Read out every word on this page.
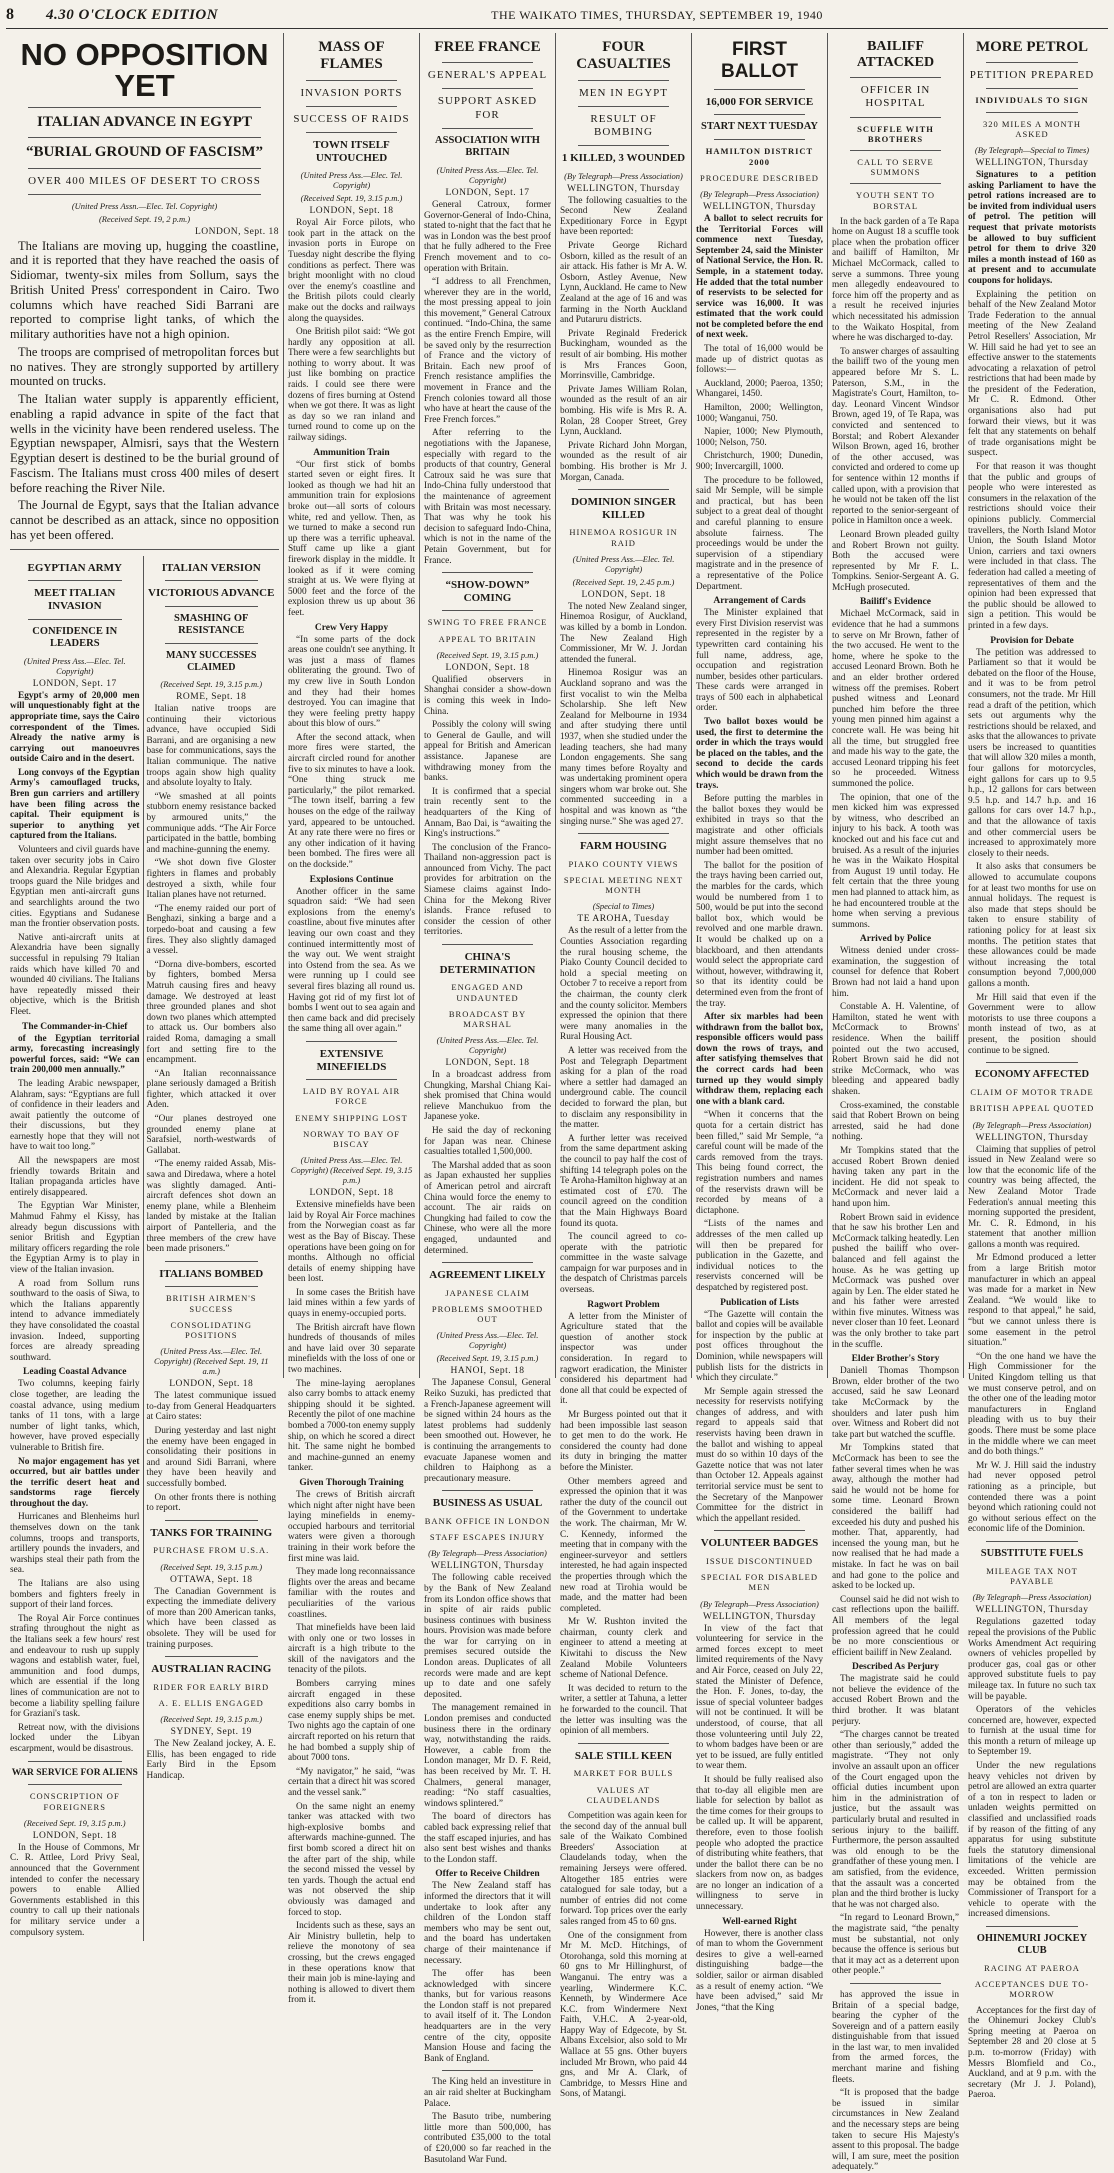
8	4.30 O'CLOCK EDITION	THE WAIKATO TIMES, THURSDAY, SEPTEMBER 19, 1940
NO OPPOSITION YET
ITALIAN ADVANCE IN EGYPT
“BURIAL GROUND OF FASCISM”
OVER 400 MILES OF DESERT TO CROSS
(United Press Assn.—Elec. Tel. Copyright)
(Received Sept. 19, 2 p.m.)
LONDON, Sept. 18

The Italians are moving up, hugging the coastline, and it is reported that they have reached the oasis of Sidiomar, twenty-six miles from Sollum, says the British United Press' correspondent in Cairo. Two columns which have reached Sidi Barrani are reported to comprise light tanks, of which the military authorities have not a high opinion.

The troops are comprised of metropolitan forces but no natives. They are strongly supported by artillery mounted on trucks.

The Italian water supply is apparently efficient, enabling a rapid advance in spite of the fact that wells in the vicinity have been rendered useless. The Egyptian newspaper, Almisri, says that the Western Egyptian desert is destined to be the burial ground of Fascism. The Italians must cross 400 miles of desert before reaching the River Nile.

The Journal de Egypt, says that the Italian advance cannot be described as an attack, since no opposition has yet been offered.

EGYPTIAN ARMY
MEET ITALIAN INVASION
CONFIDENCE IN LEADERS
(United Press Ass.—Elec. Tel. Copyright)
LONDON, Sept. 17

Egypt's army of 20,000 men will unquestionably fight at the appropriate time, says the Cairo correspondent of the Times. Already the native army is carrying out manoeuvres outside Cairo and in the desert.

Long convoys of the Egyptian Army's camouflaged trucks, Bren gun carriers and artillery have been filing across the capital. Their equipment is superior to anything yet captured from the Italians.

Volunteers and civil guards have taken over security jobs in Cairo and Alexandria. Regular Egyptian troops guard the Nile bridges and Egyptian men anti-aircraft guns and searchlights around the two cities. Egyptians and Sudanese man the frontier observation posts.

Native anti-aircraft units at Alexandria have been signally successful in repulsing 79 Italian raids which have killed 70 and wounded 40 civilians. The Italians have repeatedly missed their objective, which is the British Fleet.

The Commander-in-Chief

of the Egyptian territorial army, forecasting increasingly powerful forces, said: “We can train 200,000 men annually.”

The leading Arabic newspaper, Alahram, says: “Egyptians are full of confidence in their leaders and await patiently the outcome of their discussions, but they earnestly hope that they will not have to wait too long.”

All the newspapers are most friendly towards Britain and Italian propaganda articles have entirely disappeared.

The Egyptian War Minister, Mahmud Fahmy el Kissy, has already begun discussions with senior British and Egyptian military officers regarding the role the Egyptian Army is to play in view of the Italian invasion.

A road from Sollum runs southward to the oasis of Siwa, to which the Italians apparently intend to advance immediately they have consolidated the coastal invasion. Indeed, supporting forces are already spreading southward.

Leading Coastal Advance

Two columns, keeping fairly close together, are leading the coastal advance, using medium tanks of 11 tons, with a large number of light tanks, which, however, have proved especially vulnerable to British fire.

No major engagement has yet occurred, but air battles under the terrific desert heat and sandstorms rage fiercely throughout the day.

Hurricanes and Blenheims hurl themselves down on the tank columns, troops and transports, artillery pounds the invaders, and warships steal their path from the sea.

The Italians are also using bombers and fighters freely in support of their land forces.

The Royal Air Force continues strafing throughout the night as the Italians seek a few hours' rest and endeavour to rush up supply wagons and establish water, fuel, ammunition and food dumps, which are essential if the long lines of communication are not to become a liability spelling failure for Graziani's task.

Retreat now, with the divisions locked under the Libyan escarpment, would be disastrous.

WAR SERVICE FOR ALIENS
CONSCRIPTION OF FOREIGNERS
(Received Sept. 19, 3.15 p.m.)
LONDON, Sept. 18

In the House of Commons, Mr C. R. Attlee, Lord Privy Seal, announced that the Government intended to confer the necessary powers to enable Allied Governments established in this country to call up their nationals for military service under a compulsory system.

ITALIAN VERSION
VICTORIOUS ADVANCE
SMASHING OF RESISTANCE
MANY SUCCESSES CLAIMED
(Received Sept. 19, 3.15 p.m.)
ROME, Sept. 18

Italian native troops are continuing their victorious advance, have occupied Sidi Barrani, and are organising a new base for communications, says the Italian communique. The native troops again show high quality and absolute loyalty to Italy.

“We smashed at all points stubborn enemy resistance backed by armoured units,” the communique adds. “The Air Force participated in the battle, bombing and machine-gunning the enemy.

“We shot down five Gloster fighters in flames and probably destroyed a sixth, while four Italian planes have not returned.

“The enemy raided our port of Benghazi, sinking a barge and a torpedo-boat and causing a few fires. They also slightly damaged a vessel.

“Dorna dive-bombers, escorted by fighters, bombed Mersa Matruh causing fires and heavy damage. We destroyed at least three grounded planes and shot down two planes which attempted to attack us. Our bombers also raided Roma, damaging a small fort and setting fire to the encampment.

“An Italian reconnaissance plane seriously damaged a British fighter, which attacked it over Aden.

“Our planes destroyed one grounded enemy plane at Sarafsiel, north-westwards of Gallabat.

“The enemy raided Assab, Mis-sawa and Diredawa, where a hotel was slightly damaged. Anti-aircraft defences shot down an enemy plane, while a Blenheim landed by mistake at the Italian airport of Pantelleria, and the three members of the crew have been made prisoners.”

ITALIANS BOMBED
BRITISH AIRMEN'S SUCCESS
CONSOLIDATING POSITIONS
(United Press Ass.—Elec. Tel. Copyright) (Received Sept. 19, 11 a.m.)
LONDON, Sept. 18

The latest communique issued to-day from General Headquarters at Cairo states:

During yesterday and last night the enemy have been engaged in consolidating their positions in and around Sidi Barrani, where they have been heavily and successfully bombed.

On other fronts there is nothing to report.

TANKS FOR TRAINING
PURCHASE FROM U.S.A.
(Received Sept. 19, 3.15 p.m.)
OTTAWA, Sept. 18

The Canadian Government is expecting the immediate delivery of more than 200 American tanks, which have been classed as obsolete. They will be used for training purposes.

AUSTRALIAN RACING
RIDER FOR EARLY BIRD
A. E. ELLIS ENGAGED
(Received Sept. 19, 3.15 p.m.)
SYDNEY, Sept. 19

The New Zealand jockey, A. E. Ellis, has been engaged to ride Early Bird in the Epsom Handicap.

MASS OF FLAMES
INVASION PORTS
SUCCESS OF RAIDS
TOWN ITSELF UNTOUCHED
(United Press Ass.—Elec. Tel. Copyright)
(Received Sept. 19, 3.15 p.m.)
LONDON, Sept. 18

Royal Air Force pilots, who took part in the attack on the invasion ports in Europe on Tuesday night describe the flying conditions as perfect. There was bright moonlight with no cloud over the enemy's coastline and the British pilots could clearly make out the docks and railways along the quaysides.

One British pilot said: “We got hardly any opposition at all. There were a few searchlights but nothing to worry about. It was just like bombing on practice raids. I could see there were dozens of fires burning at Ostend when we got there. It was as light as day so we ran inland and turned round to come up on the railway sidings.

Ammunition Train

“Our first stick of bombs started seven or eight fires. It looked as though we had hit an ammunition train for explosions broke out—all sorts of colours white, red and yellow. Then, as we turned to make a second run up there was a terrific upheaval. Stuff came up like a giant firework display in the middle. It looked as if it were coming straight at us. We were flying at 5000 feet and the force of the explosion threw us up about 36 feet.

Crew Very Happy

“In some parts of the dock areas one couldn't see anything. It was just a mass of flames obliterating the ground. Two of my crew live in South London and they had their homes destroyed. You can imagine that they were feeling pretty happy about this blow of ours.”

After the second attack, when more fires were started, the aircraft circled round for another five to six minutes to have a look. “One thing struck me particularly,” the pilot remarked. “The town itself, barring a few houses on the edge of the railway yard, appeared to be untouched. At any rate there were no fires or any other indication of it having been bombed. The fires were all on the dockside.”

Explosions Continue

Another officer in the same squadron said: “We had seen explosions from the enemy's coastline, about five minutes after leaving our own coast and they continued intermittently most of the way out. We went straight into Ostend from the sea. As we were running up I could see several fires blazing all round us. Having got rid of my first lot of bombs I went out to sea again and then came back and did precisely the same thing all over again.”

EXTENSIVE MINEFIELDS
LAID BY ROYAL AIR FORCE
ENEMY SHIPPING LOST
NORWAY TO BAY OF BISCAY
(United Press Ass.—Elec. Tel. Copyright) (Received Sept. 19, 3.15 p.m.)
LONDON, Sept. 18

Extensive minefields have been laid by Royal Air Force machines from the Norwegian coast as far west as the Bay of Biscay. These operations have been going on for months. Although no official details of enemy shipping have been lost.

In some cases the British have laid mines within a few yards of quays in enemy-occupied ports.

The British aircraft have flown hundreds of thousands of miles and have laid over 30 separate minefields with the loss of one or two machines.

The mine-laying aeroplanes also carry bombs to attack enemy shipping should it be sighted. Recently the pilot of one machine bombed a 7000-ton enemy supply ship, on which he scored a direct hit. The same night he bombed and machine-gunned an enemy tanker.

Given Thorough Training

The crews of British aircraft which night after night have been laying minefields in enemy-occupied harbours and territorial waters were given a thorough training in their work before the first mine was laid.

They made long reconnaissance flights over the areas and became familiar with the routes and peculiarities of the various coastlines.

That minefields have been laid with only one or two losses in aircraft is a high tribute to the skill of the navigators and the tenacity of the pilots.

Bombers carrying mines aircraft engaged in these expeditions also carry bombs in case enemy supply ships be met. Two nights ago the captain of one aircraft reported on his return that he had bombed a supply ship of about 7000 tons.

“My navigator,” he said, “was certain that a direct hit was scored and the vessel sank.”

On the same night an enemy tanker was attacked with two high-explosive bombs and afterwards machine-gunned. The first bomb scored a direct hit on the after part of the ship, while the second missed the vessel by ten yards. Though the actual end was not observed the ship obviously was damaged and forced to stop.

Incidents such as these, says an Air Ministry bulletin, help to relieve the monotony of sea crossing, but the crews engaged in these operations know that their main job is mine-laying and nothing is allowed to divert them from it.

FREE FRANCE
GENERAL'S APPEAL
SUPPORT ASKED FOR
ASSOCIATION WITH BRITAIN
(United Press Ass.—Elec. Tel. Copyright)
LONDON, Sept. 17

General Catroux, former Governor-General of Indo-China, stated to-night that the fact that he was in London was the best proof that he fully adhered to the Free French movement and to co-operation with Britain.

“I address to all Frenchmen, wherever they are in the world, the most pressing appeal to join this movement,” General Catroux continued. “Indo-China, the same as the entire French Empire, will be saved only by the resurrection of France and the victory of Britain. Each new proof of French resistance amplifies the movement in France and the French colonies toward all those who have at heart the cause of the Free French forces.”

After referring to the negotiations with the Japanese, especially with regard to the products of that country, General Catroux said he was sure that Indo-China fully understood that the maintenance of agreement with Britain was most necessary. That was why he took his decision to safeguard Indo-China, which is not in the name of the Petain Government, but for France.

“SHOW-DOWN” COMING
SWING TO FREE FRANCE
APPEAL TO BRITAIN
(Received Sept. 19, 3.15 p.m.)
LONDON, Sept. 18

Qualified observers in Shanghai consider a show-down is coming this week in Indo-China.

Possibly the colony will swing to General de Gaulle, and will appeal for British and American assistance. Japanese are withdrawing money from the banks.

It is confirmed that a special train recently sent to the headquarters of the King of Annam, Bao Dai, is “awaiting the King's instructions.”

The conclusion of the Franco-Thailand non-aggression pact is announced from Vichy. The pact provides for arbitration on the Siamese claims against Indo-China for the Mekong River islands. France refused to consider the cession of other territories.

CHINA'S DETERMINATION
ENGAGED AND UNDAUNTED
BROADCAST BY MARSHAL
(United Press Ass.—Elec. Tel. Copyright)
LONDON, Sept. 18

In a broadcast address from Chungking, Marshal Chiang Kai-shek promised that China would relieve Manchukuo from the Japanese yoke.

He said the day of reckoning for Japan was near. Chinese casualties totalled 1,500,000.

The Marshal added that as soon as Japan exhausted her supplies of American petrol and aircraft China would force the enemy to account. The air raids on Chungking had failed to cow the Chinese, who were all the more engaged, undaunted and determined.

AGREEMENT LIKELY
JAPANESE CLAIM
PROBLEMS SMOOTHED OUT
(United Press Ass.—Elec. Tel. Copyright)
(Received Sept. 19, 3.15 p.m.)
HANOI, Sept. 18

The Japanese Consul, General Reiko Suzuki, has predicted that a French-Japanese agreement will be signed within 24 hours as the latest problems had suddenly been smoothed out. However, he is continuing the arrangements to evacuate Japanese women and children to Haiphong as a precautionary measure.

BUSINESS AS USUAL
BANK OFFICE IN LONDON
STAFF ESCAPES INJURY
(By Telegraph—Press Association)
WELLINGTON, Thursday

The following cable received by the Bank of New Zealand from its London office shows that in spite of air raids public business continues with business hours. Provision was made before the war for carrying on in premises secured outside the London areas. Duplicates of all records were made and are kept up to date and one safely deposited.

The management remained in London premises and conducted business there in the ordinary way, notwithstanding the raids. However, a cable from the London manager, Mr D. F. Reid, has been received by Mr. T. H. Chalmers, general manager, reading: “No staff casualties, windows splintered.”

The board of directors has cabled back expressing relief that the staff escaped injuries, and has also sent best wishes and thanks to the London staff.

Offer to Receive Children

The New Zealand staff has informed the directors that it will undertake to look after any children of the London staff members who may be sent out, and the board has undertaken charge of their maintenance if necessary.

The offer has been acknowledged with sincere thanks, but for various reasons the London staff is not prepared to avail itself of it. The London headquarters are in the very centre of the city, opposite Mansion House and facing the Bank of England.

The King held an investiture in an air raid shelter at Buckingham Palace.

The Basuto tribe, numbering little more than 500,000, has contributed £35,000 to the total of £20,000 so far reached in the Basutoland War Fund.

FOUR CASUALTIES
MEN IN EGYPT
RESULT OF BOMBING
1 KILLED, 3 WOUNDED
(By Telegraph—Press Association)
WELLINGTON, Thursday

The following casualties to the Second New Zealand Expeditionary Force in Egypt have been reported:

Private George Richard Osborn, killed as the result of an air attack. His father is Mr A. W. Osborn, Astley Avenue, New Lynn, Auckland. He came to New Zealand at the age of 16 and was farming in the North Auckland and Putaruru districts.

Private Reginald Frederick Buckingham, wounded as the result of air bombing. His mother is Mrs Frances Goon, Morrinsville, Cambridge.

Private James William Rolan, wounded as the result of an air bombing. His wife is Mrs R. A. Rolan, 28 Cooper Street, Grey Lynn, Auckland.

Private Richard John Morgan, wounded as the result of air bombing. His brother is Mr J. Morgan, Canada.

DOMINION SINGER KILLED
HINEMOA ROSIGUR IN RAID
(United Press Ass.—Elec. Tel. Copyright)
(Received Sept. 19, 2.45 p.m.)
LONDON, Sept. 18

The noted New Zealand singer, Hinemoa Rosigur, of Auckland, was killed by a bomb in London. The New Zealand High Commissioner, Mr W. J. Jordan attended the funeral.

Hinemoa Rosigur was an Auckland soprano and was the first vocalist to win the Melba Scholarship. She left New Zealand for Melbourne in 1934 and after studying there until 1937, when she studied under the leading teachers, she had many London engagements. She sang many times before Royalty and was undertaking prominent opera singers whom war broke out. She commented succeeding in a hospital and was known as “the singing nurse.” She was aged 27.

FARM HOUSING
PIAKO COUNTY VIEWS
SPECIAL MEETING NEXT MONTH
(Special to Times)
TE AROHA, Tuesday

As the result of a letter from the Counties Association regarding the rural housing scheme, the Piako County Council decided to hold a special meeting on October 7 to receive a report from the chairman, the county clerk and the county solicitor. Members expressed the opinion that there were many anomalies in the Rural Housing Act.

A letter was received from the Post and Telegraph Department asking for a plan of the road where a settler had damaged an underground cable. The council decided to forward the plan, but to disclaim any responsibility in the matter.

A further letter was received from the same department asking the council to pay half the cost of shifting 14 telegraph poles on the Te Aroha-Hamilton highway at an estimated cost of £70. The council agreed on the condition that the Main Highways Board found its quota.

The council agreed to co-operate with the patriotic committee in the waste salvage campaign for war purposes and in the despatch of Christmas parcels overseas.

Ragwort Problem

A letter from the Minister of Agriculture stated that the question of another stock inspector was under consideration. In regard to ragwort eradication, the Minister considered his department had done all that could be expected of it.

Mr Burgess pointed out that it had been impossible last season to get men to do the work. He considered the county had done its duty in bringing the matter before the Minister.

Other members agreed and expressed the opinion that it was rather the duty of the council out of the Government to undertake the work. The chairman, Mr W. C. Kennedy, informed the meeting that in company with the engineer-surveyor and settlers interested, he had again inspected the properties through which the new road at Tirohia would be made, and the matter had been completed.

Mr W. Rushton invited the chairman, county clerk and engineer to attend a meeting at Kiwitahi to discuss the New Zealand Mobile Volunteers scheme of National Defence.

It was decided to return to the writer, a settler at Tahuna, a letter he forwarded to the council. That the letter was insulting was the opinion of all members.

SALE STILL KEEN
MARKET FOR BULLS
VALUES AT CLAUDELANDS

Competition was again keen for the second day of the annual bull sale of the Waikato Combined Breeders' Association at Claudelands today, when the remaining Jerseys were offered. Altogether 185 entries were catalogued for sale today, but a number of entries did not come forward. Top prices over the early sales ranged from 45 to 60 gns.

One of the consignment from Mr M. McD. Hitchings, of Otorohanga, sold this morning at 60 gns to Mr Hillinghurst, of Wanganui. The entry was a yearling, Windermere K.C. Kenneth, by Windermere Ace K.C. from Windermere Next Faith, V.H.C. A 2-year-old, Happy Way of Edgecote, by St. Albans Excelsior, also sold to Mr Wallace at 55 gns. Other buyers included Mr Brown, who paid 44 gns, and Mr A. Clark, of Cambridge, to Messrs Hine and Sons, of Matangi.

FIRST BALLOT
16,000 FOR SERVICE
START NEXT TUESDAY
HAMILTON DISTRICT 2000
PROCEDURE DESCRIBED
(By Telegraph—Press Association)
WELLINGTON, Thursday

A ballot to select recruits for the Territorial Forces will commence next Tuesday, September 24, said the Minister of National Service, the Hon. R. Semple, in a statement today. He added that the total number of reservists to be selected for service was 16,000. It was estimated that the work could not be completed before the end of next week.

The total of 16,000 would be made up of district quotas as follows:—

Auckland, 2000; Paeroa, 1350; Whangarei, 1450.

Hamilton, 2000; Wellington, 1000; Wanganui, 750.

Napier, 1000; New Plymouth, 1000; Nelson, 750.

Christchurch, 1900; Dunedin, 900; Invercargill, 1000.

The procedure to be followed, said Mr Semple, will be simple and practical, but has been subject to a great deal of thought and careful planning to ensure absolute fairness. The proceedings would be under the supervision of a stipendiary magistrate and in the presence of a representative of the Police Department.

Arrangement of Cards

The Minister explained that every First Division reservist was represented in the register by a typewritten card containing his full name, address, age, occupation and registration number, besides other particulars. These cards were arranged in trays of 500 each in alphabetical order.

Two ballot boxes would be used, the first to determine the order in which the trays would be placed on the tables, and the second to decide the cards which would be drawn from the trays.

Before putting the marbles in the ballot boxes they would be exhibited in trays so that the magistrate and other officials might assure themselves that no number had been omitted.

The ballot for the position of the trays having been carried out, the marbles for the cards, which would be numbered from 1 to 500, would be put into the second ballot box, which would be revolved and one marble drawn. It would be chalked up on a blackboard, and then attendants would select the appropriate card without, however, withdrawing it, so that its identity could be determined even from the front of the tray.

After six marbles had been withdrawn from the ballot box, responsible officers would pass down the rows of trays, and after satisfying themselves that the correct cards had been turned up they would simply withdraw them, replacing each one with a blank card.

“When it concerns that the quota for a certain district has been filled,” said Mr Semple, “a careful count will be made of the cards removed from the trays. This being found correct, the registration numbers and names of the reservists drawn will be recorded by means of a dictaphone.

“Lists of the names and addresses of the men called up will then be prepared for publication in the Gazette, and individual notices to the reservists concerned will be despatched by registered post.

Publication of Lists

“The Gazette will contain the ballot and copies will be available for inspection by the public at post offices throughout the Dominion, while newspapers will publish lists for the districts in which they circulate.”

Mr Semple again stressed the necessity for reservists notifying changes of address, and with regard to appeals said that reservists having been drawn in the ballot and wishing to appeal must do so within 10 days of the Gazette notice that was not later than October 12. Appeals against territorial service must be sent to the Secretary of the Manpower Committee for the district in which the appellant resided.

VOLUNTEER BADGES
ISSUE DISCONTINUED
SPECIAL FOR DISABLED MEN
(By Telegraph—Press Association)
WELLINGTON, Thursday

In view of the fact that volunteering for service in the armed forces except to meet limited requirements of the Navy and Air Force, ceased on July 22, stated the Minister of Defence, the Hon. F. Jones, to-day, the issue of special volunteer badges will not be continued. It will be understood, of course, that all those volunteering until July 22, to whom badges have been or are yet to be issued, are fully entitled to wear them.

It should be fully realised also that to-day all eligible men are liable for selection by ballot as the time comes for their groups to be called up. It will be apparent, therefore, even to those foolish people who adopted the practice of distributing white feathers, that under the ballot there can be no slackers from now on, as badges are no longer an indication of a willingness to serve in unnecessary.

Well-earned Right

However, there is another class of man to whom the Government desires to give a well-earned distinguishing badge—the soldier, sailor or airman disabled as a result of enemy action. “We have been advised,” said Mr Jones, “that the King

BAILIFF ATTACKED
OFFICER IN HOSPITAL
SCUFFLE WITH BROTHERS
CALL TO SERVE SUMMONS
YOUTH SENT TO BORSTAL

In the back garden of a Te Rapa home on August 18 a scuffle took place when the probation officer and bailiff of Hamilton, Mr Michael McCormack, called to serve a summons. Three young men allegedly endeavoured to force him off the property and as a result he received injuries which necessitated his admission to the Waikato Hospital, from where he was discharged to-day.

To answer charges of assaulting the bailiff two of the young men appeared before Mr S. L. Paterson, S.M., in the Magistrate's Court, Hamilton, to-day. Leonard Vincent Windsor Brown, aged 19, of Te Rapa, was convicted and sentenced to Borstal; and Robert Alexander Wilson Brown, aged 16, brother of the other accused, was convicted and ordered to come up for sentence within 12 months if called upon, with a provision that he would not be taken off the list reported to the senior-sergeant of police in Hamilton once a week.

Leonard Brown pleaded guilty and Robert Brown not guilty. Both the accused were represented by Mr F. L. Tompkins. Senior-Sergeant A. G. McHugh prosecuted.

Bailiff's Evidence

Michael McCormack, said in evidence that he had a summons to serve on Mr Brown, father of the two accused. He went to the home, where he spoke to the accused Leonard Brown. Both he and an elder brother ordered witness off the premises. Robert pushed witness and Leonard punched him before the three young men pinned him against a concrete wall. He was being hit all the time, but struggled free and made his way to the gate, the accused Leonard tripping his feet so he proceeded. Witness summoned the police.

The opinion, that one of the men kicked him was expressed by witness, who described an injury to his back. A tooth was knocked out and his face cut and bruised. As a result of the injuries he was in the Waikato Hospital from August 19 until today. He felt certain that the three young men had planned to attack him, as he had encountered trouble at the home when serving a previous summons.

Arrived by Police

Witness denied under cross-examination, the suggestion of counsel for defence that Robert Brown had not laid a hand upon him.

Constable A. H. Valentine, of Hamilton, stated he went with McCormack to Browns' residence. When the bailiff pointed out the two accused, Robert Brown said he did not strike McCormack, who was bleeding and appeared badly shaken.

Cross-examined, the constable said that Robert Brown on being arrested, said he had done nothing.

Mr Tompkins stated that the accused Robert Brown denied having taken any part in the incident. He did not speak to McCormack and never laid a hand upon him.

Robert Brown said in evidence that he saw his brother Len and McCormack talking heatedly. Len pushed the bailiff who over-balanced and fell against the house. As he was getting up McCormack was pushed over again by Len. The elder stated he and his father were arrested within five minutes. Witness was never closer than 10 feet. Leonard was the only brother to take part in the scuffle.

Elder Brother's Story

Daniell Thomas Thompson Brown, elder brother of the two accused, said he saw Leonard take McCormack by the shoulders and later push him over. Witness and Robert did not take part but watched the scuffle.

Mr Tompkins stated that McCormack has been to see the father several times when he was away, although the mother had said he would not be home for some time. Leonard Brown considered the bailiff had exceeded his duty and pushed his mother. That, apparently, had incensed the young man, but he now realised that he had made a mistake. In fact he was on bail and had gone to the police and asked to be locked up.

Counsel said he did not wish to cast reflections upon the bailiff. All members of the legal profession agreed that he could be no more conscientious or efficient bailiff in New Zealand.

Described As Perjury

The magistrate said he could not believe the evidence of the accused Robert Brown and the third brother. It was blatant perjury.

“The charges cannot be treated other than seriously,” added the magistrate. “They not only involve an assault upon an officer of the Court engaged upon the official duties incumbent upon him in the administration of justice, but the assault was particularly brutal and resulted in serious injury to the bailiff. Furthermore, the person assaulted was old enough to be the grandfather of these young men. I am satisfied, from the evidence, that the assault was a concerted plan and the third brother is lucky that he was not charged also.

“In regard to Leonard Brown,” the magistrate said, “the penalty must be substantial, not only because the offence is serious but that it may act as a deterrent upon other people.”

has approved the issue in Britain of a special badge, bearing the cypher of the Sovereign and of a pattern easily distinguishable from that issued in the last war, to men invalided from the armed forces, the merchant marine and fishing fleets.

“It is proposed that the badge be issued in similar circumstances in New Zealand and the necessary steps are being taken to secure His Majesty's assent to this proposal. The badge will, I am sure, meet the position adequately.”

MORE PETROL
PETITION PREPARED
INDIVIDUALS TO SIGN
320 MILES A MONTH ASKED
(By Telegraph—Special to Times)
WELLINGTON, Thursday

Signatures to a petition asking Parliament to have the petrol rations increased are to be invited from individual users of petrol. The petition will request that private motorists be allowed to buy sufficient petrol for them to drive 320 miles a month instead of 160 as at present and to accumulate coupons for holidays.

Explaining the petition on behalf of the New Zealand Motor Trade Federation to the annual meeting of the New Zealand Petrol Resellers' Association, Mr W. Hill said he had yet to see an effective answer to the statements advocating a relaxation of petrol restrictions that had been made by the president of the Federation, Mr C. R. Edmond. Other organisations also had put forward their views, but it was felt that any statements on behalf of trade organisations might be suspect.

For that reason it was thought that the public and groups of people who were interested as consumers in the relaxation of the restrictions should voice their opinions publicly. Commercial travellers, the North Island Motor Union, the South Island Motor Union, carriers and taxi owners were included in that class. The federation had called a meeting of representatives of them and the opinion had been expressed that the public should be allowed to sign a petition. This would be printed in a few days.

Provision for Debate

The petition was addressed to Parliament so that it would be debated on the floor of the House, and it was to be from petrol consumers, not the trade. Mr Hill read a draft of the petition, which sets out arguments why the restrictions should be relaxed, and asks that the allowances to private users be increased to quantities that will allow 320 miles a month, four gallons for motorcycles, eight gallons for cars up to 9.5 h.p., 12 gallons for cars between 9.5 h.p. and 14.7 h.p. and 16 gallons for cars over 14.7 h.p., and that the allowance of taxis and other commercial users be increased to approximately more closely to their needs.

It also asks that consumers be allowed to accumulate coupons for at least two months for use on annual holidays. The request is also made that steps should be taken to ensure stability of rationing policy for at least six months. The petition states that these allowances could be made without increasing the total consumption beyond 7,000,000 gallons a month.

Mr Hill said that even if the Government were to allow motorists to use three coupons a month instead of two, as at present, the position should continue to be signed.

ECONOMY AFFECTED
CLAIM OF MOTOR TRADE
BRITISH APPEAL QUOTED
(By Telegraph—Press Association)
WELLINGTON, Thursday

Claiming that supplies of petrol issued in New Zealand were so low that the economic life of the country was being affected, the New Zealand Motor Trade Federation's annual meeting this morning supported the president, Mr. C. R. Edmond, in his statement that another million gallons a month was required.

Mr Edmond produced a letter from a large British motor manufacturer in which an appeal was made for a market in New Zealand. “We would like to respond to that appeal,” he said, “but we cannot unless there is some easement in the petrol situation.”

“On the one hand we have the High Commissioner for the United Kingdom telling us that we must conserve petrol, and on the other one of the leading motor manufacturers in England pleading with us to buy their goods. There must be some place in the middle where we can meet and do both things.”

Mr W. J. Hill said the industry had never opposed petrol rationing as a principle, but contended there was a point beyond which rationing could not go without serious effect on the economic life of the Dominion.

SUBSTITUTE FUELS
MILEAGE TAX NOT PAYABLE
(By Telegraph—Press Association)
WELLINGTON, Thursday

Regulations gazetted today repeal the provisions of the Public Works Amendment Act requiring owners of vehicles propelled by producer gas, coal gas or other approved substitute fuels to pay mileage tax. In future no such tax will be payable.

Operators of the vehicles concerned are, however, expected to furnish at the usual time for this month a return of mileage up to September 19.

Under the new regulations heavy vehicles not driven by petrol are allowed an extra quarter of a ton in respect to laden or unladen weights permitted on classified and unclassified roads if by reason of the fitting of any apparatus for using substitute fuels the statutory dimensional limitations of the vehicle are exceeded. Written permission may be obtained from the Commissioner of Transport for a vehicle to operate with the increased dimensions.

OHINEMURI JOCKEY CLUB
RACING AT PAEROA
ACCEPTANCES DUE TO-MORROW

Acceptances for the first day of the Ohinemuri Jockey Club's Spring meeting at Paeroa on September 28 and 20 close at 5 p.m. to-morrow (Friday) with Messrs Blomfield and Co., Auckland, and at 9 p.m. with the secretary (Mr J. J. Poland), Paeroa.
